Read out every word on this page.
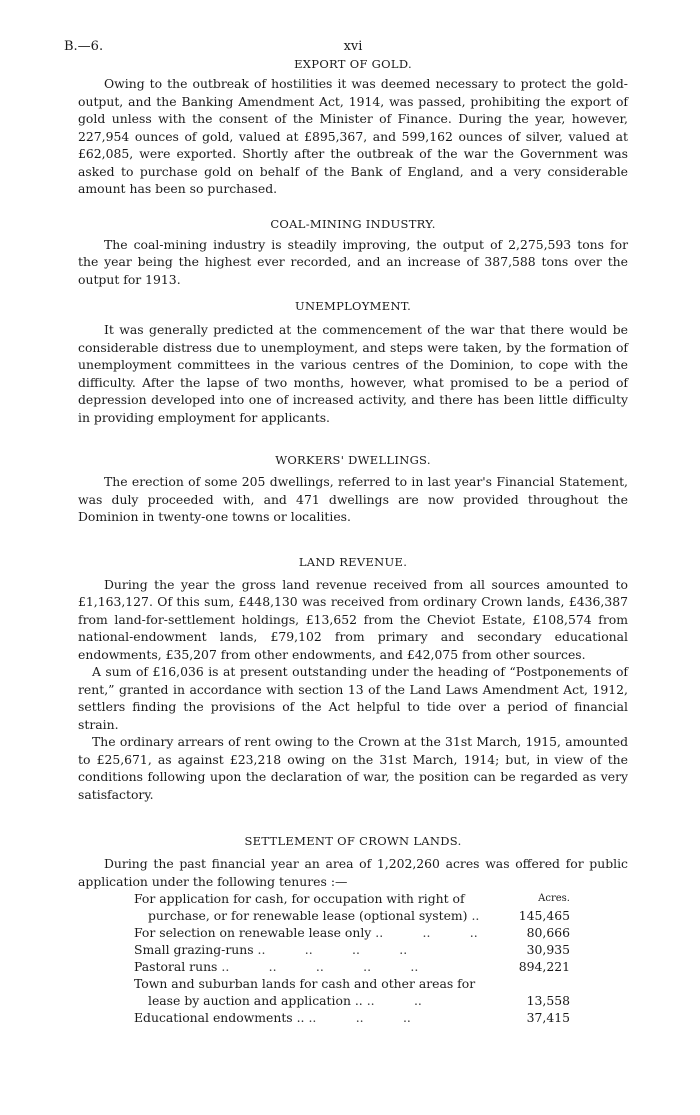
B.—6.	xvi
EXPORT OF GOLD.

Owing to the outbreak of hostilities it was deemed necessary to protect the gold-output, and the Banking Amendment Act, 1914, was passed, prohibiting the export of gold unless with the consent of the Minister of Finance. During the year, however, 227,954 ounces of gold, valued at £895,367, and 599,162 ounces of silver, valued at £62,085, were exported. Shortly after the outbreak of the war the Government was asked to purchase gold on behalf of the Bank of England, and a very considerable amount has been so purchased.

COAL-MINING INDUSTRY.

The coal-mining industry is steadily improving, the output of 2,275,593 tons for the year being the highest ever recorded, and an increase of 387,588 tons over the output for 1913.

UNEMPLOYMENT.

It was generally predicted at the commencement of the war that there would be considerable distress due to unemployment, and steps were taken, by the formation of unemployment committees in the various centres of the Dominion, to cope with the difficulty. After the lapse of two months, however, what promised to be a period of depression developed into one of increased activity, and there has been little difficulty in providing employment for applicants.

WORKERS' DWELLINGS.

The erection of some 205 dwellings, referred to in last year's Financial Statement, was duly proceeded with, and 471 dwellings are now provided throughout the Dominion in twenty-one towns or localities.

LAND REVENUE.

During the year the gross land revenue received from all sources amounted to £1,163,127. Of this sum, £448,130 was received from ordinary Crown lands, £436,387 from land-for-settlement holdings, £13,652 from the Cheviot Estate, £108,574 from national-endowment lands, £79,102 from primary and secondary educational endowments, £35,207 from other endowments, and £42,075 from other sources.

A sum of £16,036 is at present outstanding under the heading of “Postponements of rent,” granted in accordance with section 13 of the Land Laws Amendment Act, 1912, settlers finding the provisions of the Act helpful to tide over a period of financial strain.

The ordinary arrears of rent owing to the Crown at the 31st March, 1915, amounted to £25,671, as against £23,218 owing on the 31st March, 1914; but, in view of the conditions following upon the declaration of war, the position can be regarded as very satisfactory.

SETTLEMENT OF CROWN LANDS.

During the past financial year an area of 1,202,260 acres was offered for public application under the following tenures :—

For application for cash, for occupation with right of	Acres.
purchase, or for renewable lease (optional system) ..	145,465
For selection on renewable lease only ..          ..          ..	80,666
Small grazing-runs ..          ..          ..          ..	30,935
Pastoral runs ..          ..          ..          ..          ..	894,221
Town and suburban lands for cash and other areas for	
lease by auction and application .. ..          ..	13,558
Educational endowments .. ..          ..          ..	37,415
